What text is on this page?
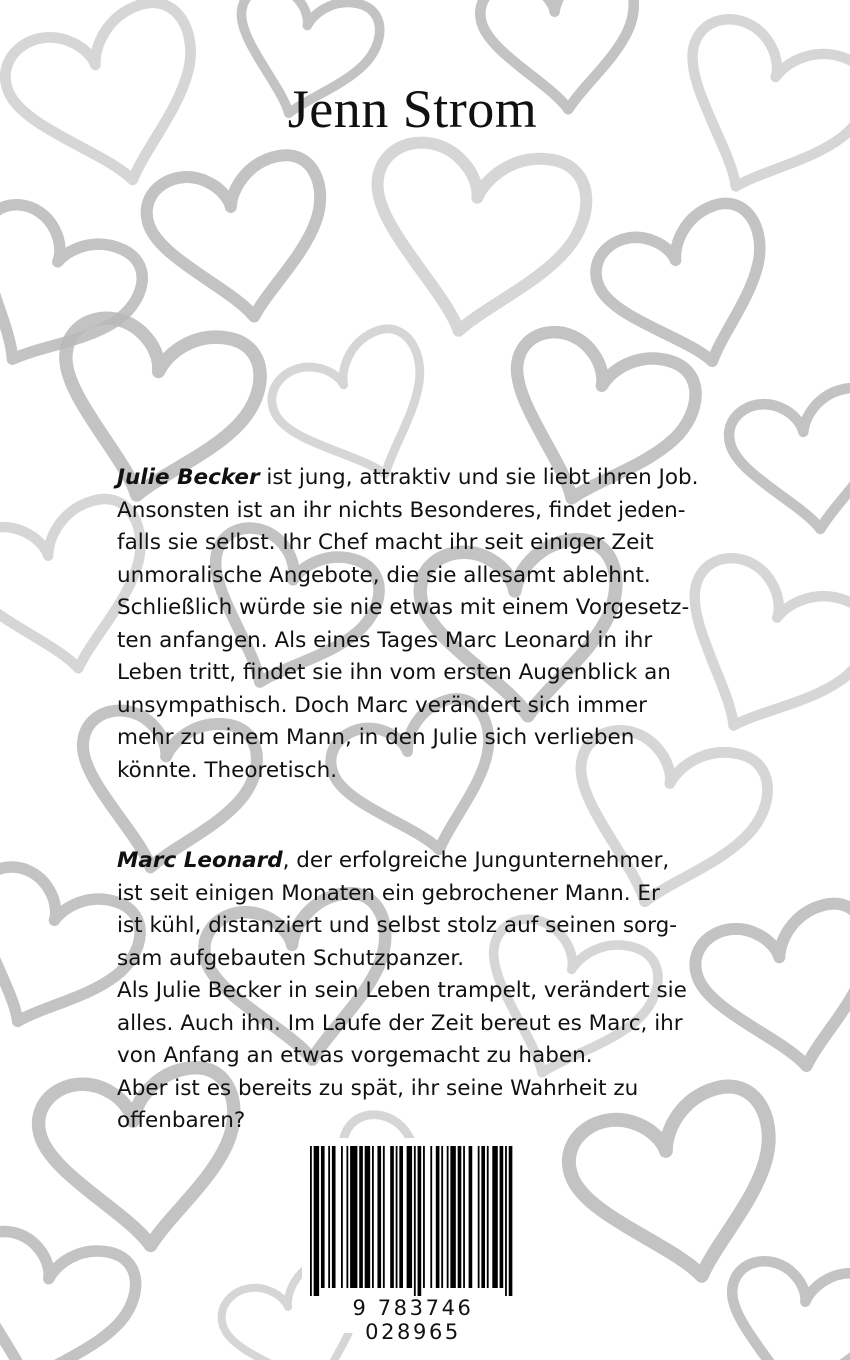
Jenn Strom
Julie Becker ist jung, attraktiv und sie liebt ihren Job.
Ansonsten ist an ihr nichts Besonderes, findet jeden-
falls sie selbst. Ihr Chef macht ihr seit einiger Zeit
unmoralische Angebote, die sie allesamt ablehnt.
Schließlich würde sie nie etwas mit einem Vorgesetz-
ten anfangen. Als eines Tages Marc Leonard in ihr
Leben tritt, findet sie ihn vom ersten Augenblick an
unsympathisch. Doch Marc verändert sich immer
mehr zu einem Mann, in den Julie sich verlieben
könnte. Theoretisch.
Marc Leonard, der erfolgreiche Jungunternehmer,
ist seit einigen Monaten ein gebrochener Mann. Er
ist kühl, distanziert und selbst stolz auf seinen sorg-
sam aufgebauten Schutzpanzer.
Als Julie Becker in sein Leben trampelt, verändert sie
alles. Auch ihn. Im Laufe der Zeit bereut es Marc, ihr
von Anfang an etwas vorgemacht zu haben.
Aber ist es bereits zu spät, ihr seine Wahrheit zu
offenbaren?
9 783746 028965
